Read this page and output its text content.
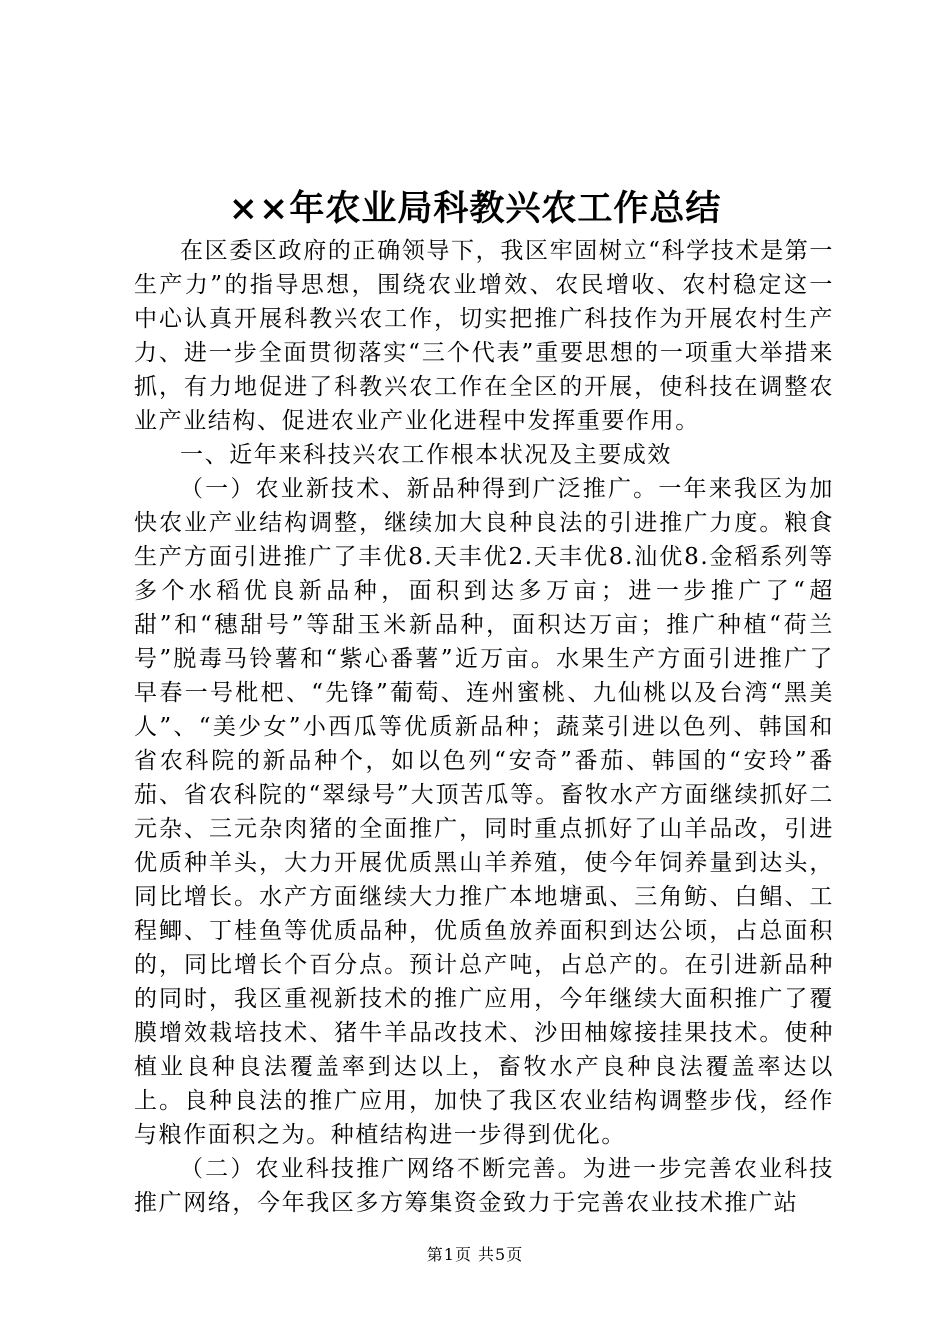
××年农业局科教兴农工作总结

在区委区政府的正确领导下，我区牢固树立“科学技术是第一生产力”的指导思想，围绕农业增效、农民增收、农村稳定这一中心认真开展科教兴农工作，切实把推广科技作为开展农村生产力、进一步全面贯彻落实“三个代表”重要思想的一项重大举措来抓，有力地促进了科教兴农工作在全区的开展，使科技在调整农业产业结构、促进农业产业化进程中发挥重要作用。

一、近年来科技兴农工作根本状况及主要成效

（一）农业新技术、新品种得到广泛推广。一年来我区为加快农业产业结构调整，继续加大良种良法的引进推广力度。粮食生产方面引进推广了丰优8.天丰优2.天丰优8.汕优8.金稻系列等多个水稻优良新品种，面积到达多万亩；进一步推广了“超甜”和“穗甜号”等甜玉米新品种，面积达万亩；推广种植“荷兰号”脱毒马铃薯和“紫心番薯”近万亩。水果生产方面引进推广了早春一号枇杷、“先锋”葡萄、连州蜜桃、九仙桃以及台湾“黑美人”、“美少女”小西瓜等优质新品种；蔬菜引进以色列、韩国和省农科院的新品种个，如以色列“安奇”番茄、韩国的“安玲”番茄、省农科院的“翠绿号”大顶苦瓜等。畜牧水产方面继续抓好二元杂、三元杂肉猪的全面推广，同时重点抓好了山羊品改，引进优质种羊头，大力开展优质黑山羊养殖，使今年饲养量到达头，同比增长。水产方面继续大力推广本地塘虱、三角鲂、白鲳、工程鲫、丁桂鱼等优质品种，优质鱼放养面积到达公顷，占总面积的，同比增长个百分点。预计总产吨，占总产的。在引进新品种的同时，我区重视新技术的推广应用，今年继续大面积推广了覆膜增效栽培技术、猪牛羊品改技术、沙田柚嫁接挂果技术。使种植业良种良法覆盖率到达以上，畜牧水产良种良法覆盖率达以上。良种良法的推广应用，加快了我区农业结构调整步伐，经作与粮作面积之为。种植结构进一步得到优化。

（二）农业科技推广网络不断完善。为进一步完善农业科技推广网络，今年我区多方筹集资金致力于完善农业技术推广站

第1页 共5页
